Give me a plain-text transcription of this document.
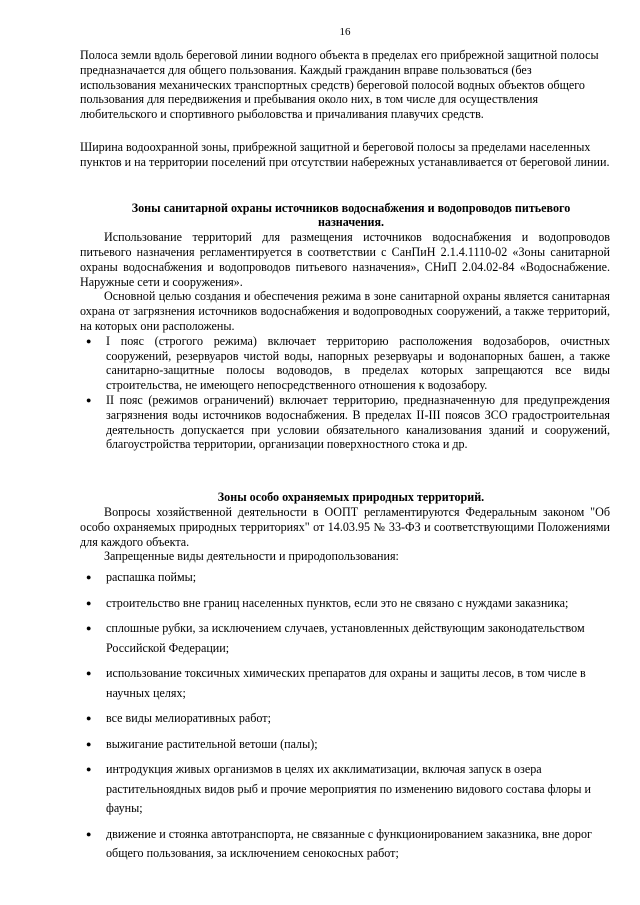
16

Полоса земли вдоль береговой линии водного объекта в пределах его прибрежной защитной полосы предназначается для общего пользования. Каждый гражданин вправе пользоваться (без использования механических транспортных средств) береговой полосой водных объектов общего пользования для передвижения и пребывания около них, в том числе для осуществления любительского и спортивного рыболовства и причаливания плавучих средств.

Ширина водоохранной зоны, прибрежной защитной и береговой полосы за пределами населенных пунктов и на территории поселений при отсутствии набережных устанавливается от береговой линии.

Зоны санитарной охраны источников водоснабжения и водопроводов питьевого назначения.

Использование территорий для размещения источников водоснабжения и водопроводов питьевого назначения регламентируется в соответствии с СанПиН 2.1.4.1110-02 «Зоны санитарной охраны водоснабжения и водопроводов питьевого назначения», СНиП 2.04.02-84 «Водоснабжение. Наружные сети и сооружения».

Основной целью создания и обеспечения режима в зоне санитарной охраны является санитарная охрана от загрязнения источников водоснабжения и водопроводных сооружений, а также территорий, на которых они расположены.

● I пояс (строгого режима) включает территорию расположения водозаборов, очистных сооружений, резервуаров чистой воды, напорных резервуары и водонапорных башен, а также санитарно-защитные полосы водоводов, в пределах которых запрещаются все виды строительства, не имеющего непосредственного отношения к водозабору.
● II пояс (режимов ограничений) включает территорию, предназначенную для предупреждения загрязнения воды источников водоснабжения. В пределах II-III поясов ЗСО градостроительная деятельность допускается при условии обязательного канализования зданий и сооружений, благоустройства территории, организации поверхностного стока и др.
Зоны особо охраняемых природных территорий.

Вопросы хозяйственной деятельности в ООПТ регламентируются Федеральным законом "Об особо охраняемых природных территориях" от 14.03.95 № 33-ФЗ и соответствующими Положениями для каждого объекта.

Запрещенные виды деятельности и природопользования:

● распашка поймы;
● строительство вне границ населенных пунктов, если это не связано с нуждами заказника;
● сплошные рубки, за исключением случаев, установленных действующим законодательством Российской Федерации;
● использование токсичных химических препаратов для охраны и защиты лесов, в том числе в научных целях;
● все виды мелиоративных работ;
● выжигание растительной ветоши (палы);
● интродукция живых организмов в целях их акклиматизации, включая запуск в озера растительноядных видов рыб и прочие мероприятия по изменению видового состава флоры и фауны;
● движение и стоянка автотранспорта, не связанные с функционированием заказника, вне дорог общего пользования, за исключением сенокосных работ;
